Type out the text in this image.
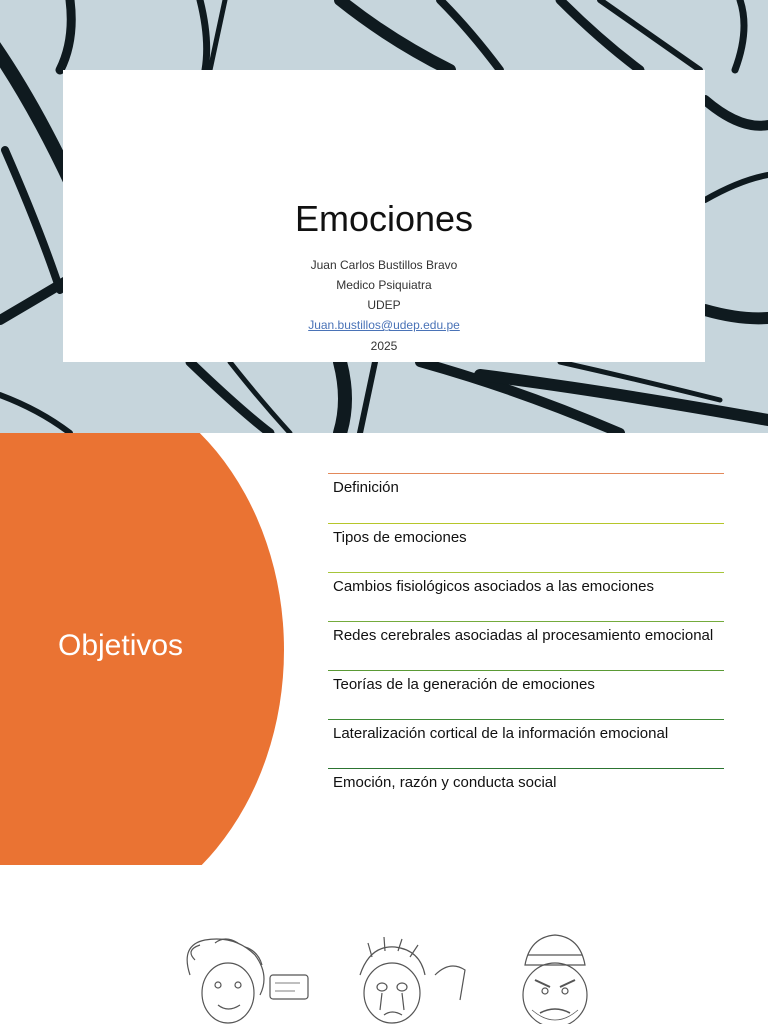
Emociones
Juan Carlos Bustillos Bravo
Medico Psiquiatra
UDEP
Juan.bustillos@udep.edu.pe
2025
Objetivos
Definición
Tipos de emociones
Cambios fisiológicos asociados a las emociones
Redes cerebrales asociadas al procesamiento emocional
Teorías de la generación de emociones
Lateralización cortical de la información emocional
Emoción, razón y conducta social
